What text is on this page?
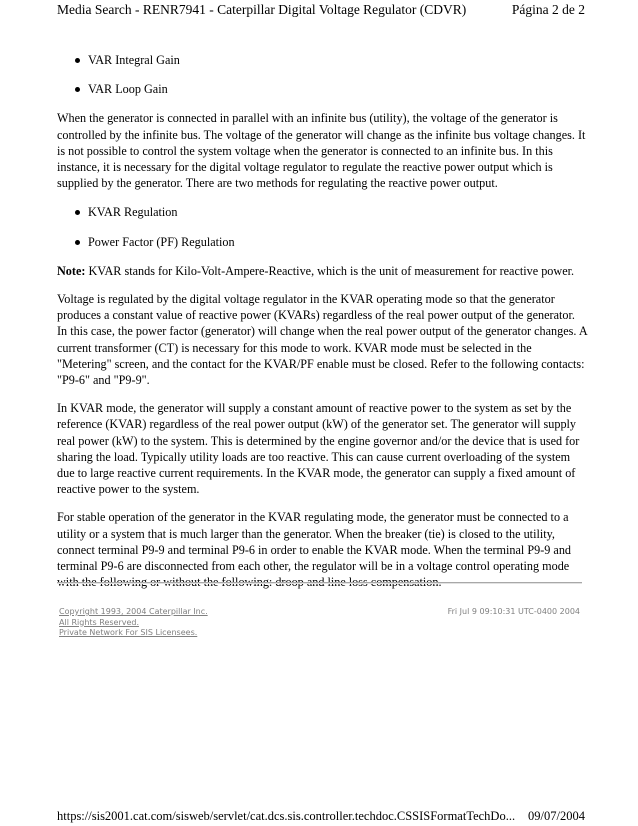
Media Search - RENR7941 - Caterpillar Digital Voltage Regulator (CDVR)	Página 2 de 2
VAR Integral Gain
VAR Loop Gain

When the generator is connected in parallel with an infinite bus (utility), the voltage of the generator is controlled by the infinite bus. The voltage of the generator will change as the infinite bus voltage changes. It is not possible to control the system voltage when the generator is connected to an infinite bus. In this instance, it is necessary for the digital voltage regulator to regulate the reactive power output which is supplied by the generator. There are two methods for regulating the reactive power output.

KVAR Regulation
Power Factor (PF) Regulation

Note: KVAR stands for Kilo-Volt-Ampere-Reactive, which is the unit of measurement for reactive power.

Voltage is regulated by the digital voltage regulator in the KVAR operating mode so that the generator produces a constant value of reactive power (KVARs) regardless of the real power output of the generator. In this case, the power factor (generator) will change when the real power output of the generator changes. A current transformer (CT) is necessary for this mode to work. KVAR mode must be selected in the "Metering" screen, and the contact for the KVAR/PF enable must be closed. Refer to the following contacts: "P9-6" and "P9-9".

In KVAR mode, the generator will supply a constant amount of reactive power to the system as set by the reference (KVAR) regardless of the real power output (kW) of the generator set. The generator will supply real power (kW) to the system. This is determined by the engine governor and/or the device that is used for sharing the load. Typically utility loads are too reactive. This can cause current overloading of the system due to large reactive current requirements. In the KVAR mode, the generator can supply a fixed amount of reactive power to the system.

For stable operation of the generator in the KVAR regulating mode, the generator must be connected to a utility or a system that is much larger than the generator. When the breaker (tie) is closed to the utility, connect terminal P9-9 and terminal P9-6 in order to enable the KVAR mode. When the terminal P9-9 and terminal P9-6 are disconnected from each other, the regulator will be in a voltage control operating mode with the following or without the following: droop and line loss compensation.

Copyright 1993, 2004 Caterpillar Inc.
All Rights Reserved.
Private Network For SIS Licensees.
Fri Jul 9 09:10:31 UTC-0400 2004
https://sis2001.cat.com/sisweb/servlet/cat.dcs.sis.controller.techdoc.CSSISFormatTechDo... 09/07/2004
